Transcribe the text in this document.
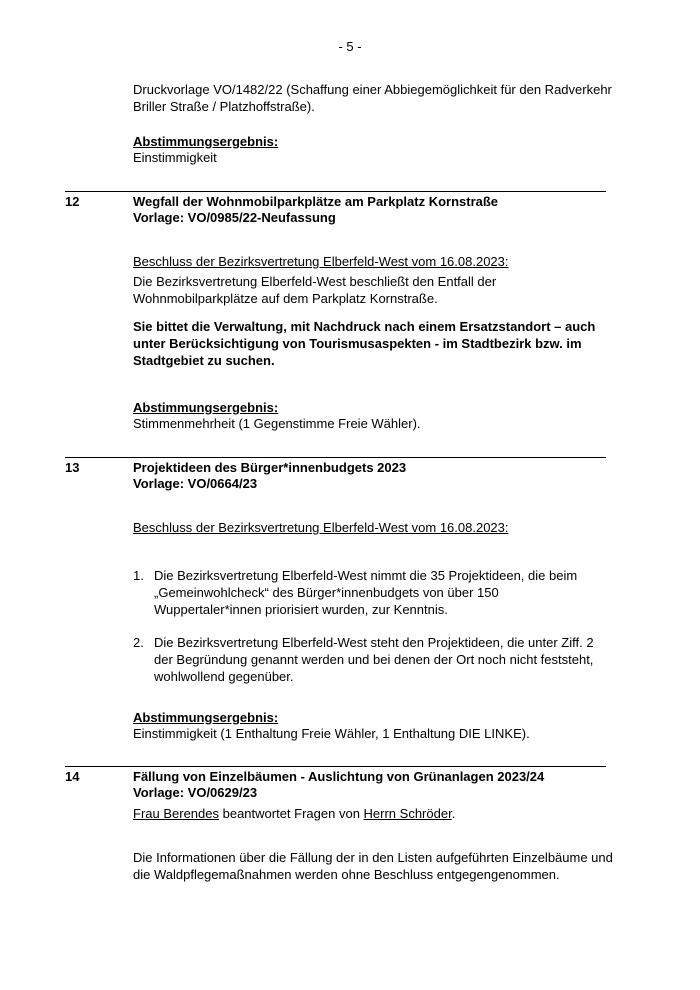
- 5 -
Druckvorlage VO/1482/22 (Schaffung einer Abbiegemöglichkeit für den Radverkehr Briller Straße / Platzhoffstraße).
Abstimmungsergebnis:
Einstimmigkeit
12	Wegfall der Wohnmobilparkplätze am Parkplatz Kornstraße
Vorlage: VO/0985/22-Neufassung
Beschluss der Bezirksvertretung Elberfeld-West vom 16.08.2023:
Die Bezirksvertretung Elberfeld-West beschließt den Entfall der Wohnmobilparkplätze auf dem Parkplatz Kornstraße.
Sie bittet die Verwaltung, mit Nachdruck nach einem Ersatzstandort – auch unter Berücksichtigung von Tourismusaspekten - im Stadtbezirk bzw. im Stadtgebiet zu suchen.
Abstimmungsergebnis:
Stimmenmehrheit (1 Gegenstimme Freie Wähler).
13	Projektideen des Bürger*innenbudgets 2023
Vorlage: VO/0664/23
Beschluss der Bezirksvertretung Elberfeld-West vom 16.08.2023:
1. Die Bezirksvertretung Elberfeld-West nimmt die 35 Projektideen, die beim „Gemeinwohlcheck“ des Bürger*innenbudgets von über 150 Wuppertaler*innen priorisiert wurden, zur Kenntnis.
2. Die Bezirksvertretung Elberfeld-West steht den Projektideen, die unter Ziff. 2 der Begründung genannt werden und bei denen der Ort noch nicht feststeht, wohlwollend gegenüber.
Abstimmungsergebnis:
Einstimmigkeit (1 Enthaltung Freie Wähler, 1 Enthaltung DIE LINKE).
14	Fällung von Einzelbäumen - Auslichtung von Grünanlagen 2023/24
Vorlage: VO/0629/23
Frau Berendes beantwortet Fragen von Herrn Schröder.
Die Informationen über die Fällung der in den Listen aufgeführten Einzelbäume und die Waldpflegemaßnahmen werden ohne Beschluss entgegengenommen.
